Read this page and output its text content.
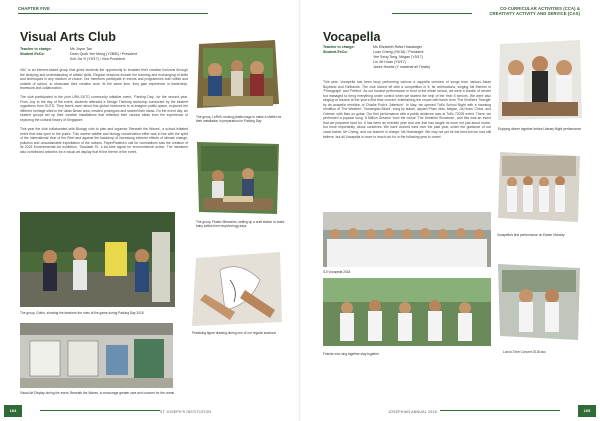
CHAPTER FIVE	CO-CURRICULAR ACTIVITIES (CCA) &
CREATIVITY ACTIVITY AND SERVICE (CAS)
Visual Arts Club
Teacher in charge:	Ms Joyce Tan
Student ExCo:	Dean Quek Yee Meng (Y2B/B) / President
Koh Jia Yi (Y5/17) / Vice-President

VAC is an interest-based group that gives students the opportunity to broaden their creative horizons through the studying and understanding of artistic skills. Regular sessions include the learning and exchanging of skills and techniques in any medium of choice. Our members participate in events and programmes both within and outside of school, to showcase their creative work. At the same time, they gain experience in leadership, teamwork and collaboration.

The club participated in the joint URA-SUTD community initiative event, 'Parking Day', for the second year. From July to the day of the event, students attended a Design Thinking workshop conducted by the student organisers from SUTD. They learnt more about this global movement to re-imagine public space, explored the different heritage sites in the Jalan Besar area, created prototypes and shared their ideas. On the event day, six student groups set up their creative installations that reflected their various ideas from the experience of exploring the cultural history of Singapore.

This year the club collaborated with Biology club to plan and organise 'Beneath the Waves', a school-initiated event that was open to the public. This marine wildlife and biology conservation effort was in line with the spirit of the International Year of the Reef and against the backdrop of increasing extreme effects of climate change, pollution and unsustainable exploitation of the oceans. PaperPlastics's call for nominations saw the creation of its 2018 Environmental Art exhibition, 'Saudade Si', a six-time signal for environmental action. The members also contributed artworks for a visual art display that fit the theme of the event.

The group, LeRefi, reusing plastic bags to make a shelter for their installation in preparation for Parking Day
The group, Plastic Memories, setting up a craft station to make baby turtles from recycled egg trays
The group, Goths, showing the teachers the rules of the game during Parking Day 2018
Practising figure drawing during one of our regular sessions
Visual Art Display during the event, Beneath the Waves, to encourage greater care and concern for the ocean
Vocapella
Teacher in charge:	Ms Elizabeth Retta Hrastanger
Student ExCo:	Luan Cheng (Y6/18) / President
Yee Seng Teng, Megan (Y5/17)
Lin Jin Huan (Y5/17)
Janes Howitz (Y maximal all Treats)

This year, Vocapella has been busy performing various a cappella versions of songs from various Asian Boyband and Girlbands. The club kicked off with a competition in it, its celebrations, singing full themes in 'Photograph' and 'Perfect'. As our busiest performance in front of the whole school, we were a bundle of nerves but managed to bring everything under control when we started the help of the Year 5 seniors. We were also singing at houses at the year's first time concert, entertaining the crowd with tunes from 'The Brothers Triangle' by an acapella rendition of Charlie Puth's 'Attention'. In May, we opened Tuli's School Night with a haunting rendition of 'The Weather', 'Norwegian Blood', sung by Isaiah, Jayden Phan, Max, Megan, Jia Huan, Chloe, and Celeste, with Max on guitar. Our first performance with a public audience was at Tuli's 72025 event. There, we performed a popular song 'A Million Dreams' from the movie 'The Greatest Showman', and this was an event that we prepared hard for. It has been an eventful year and one that has taught us more not just about music, but more importantly, about ourselves. We have worked hard over the past year, under the guidance of our vocal trainer, Mr Cheng, and our teacher in charge, Ms Hrastanger. We may not yet be the best but we now still believe, but all Vocapella is more to reach out for in the following year to come!

Enjoying dinner together before Literary Night performance
Vocapella's first performance on Easter Monday
SJI Vocapella 2018
Friends who sing together stay together	Lunch-Time Concert 2018 duo
164	ST JOSEPH'S INSTITUTION	JOSEPHIAN ANNUAL 2018	165
